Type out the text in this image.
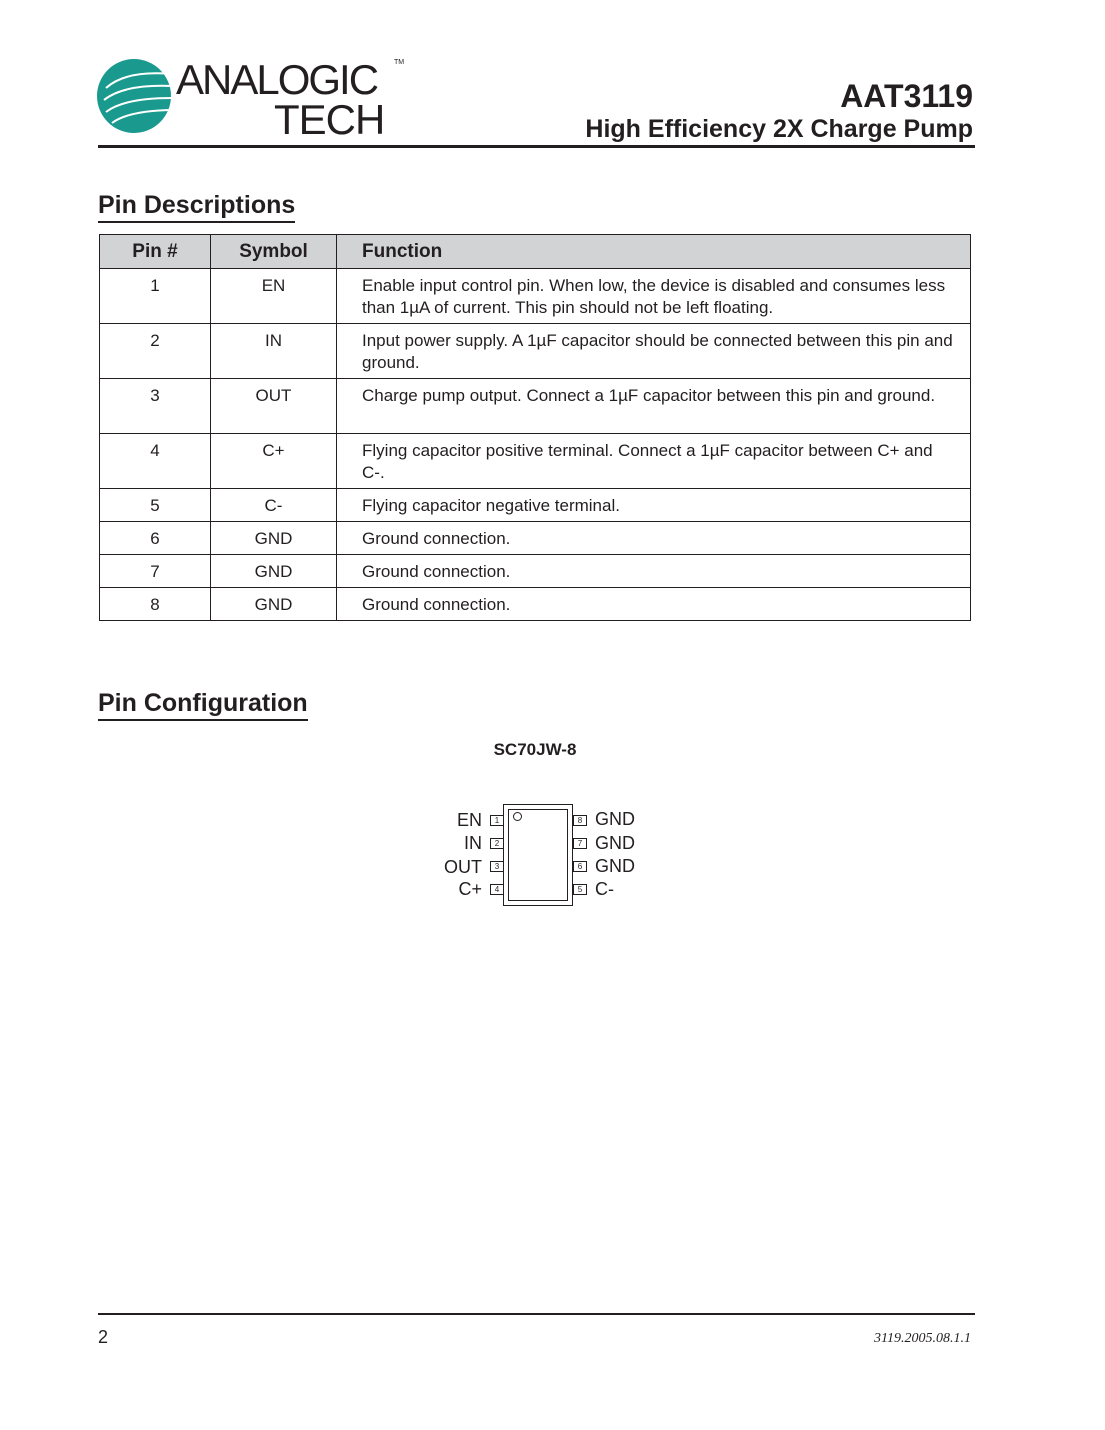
ANALOGIC
TECH
TM
AAT3119
High Efficiency 2X Charge Pump
Pin Descriptions
Pin #	Symbol	Function
1	EN	Enable input control pin. When low, the device is disabled and consumes less than 1µA of current. This pin should not be left floating.
2	IN	Input power supply. A 1µF capacitor should be connected between this pin and ground.
3	OUT	Charge pump output. Connect a 1µF capacitor between this pin and ground.
4	C+	Flying capacitor positive terminal. Connect a 1µF capacitor between C+ and C-.
5	C-	Flying capacitor negative terminal.
6	GND	Ground connection.
7	GND	Ground connection.
8	GND	Ground connection.
Pin Configuration
SC70JW-8
EN	1
IN	2
OUT	3
C+	4
8 GND
7 GND
6 GND
5 C-
2	3119.2005.08.1.1
